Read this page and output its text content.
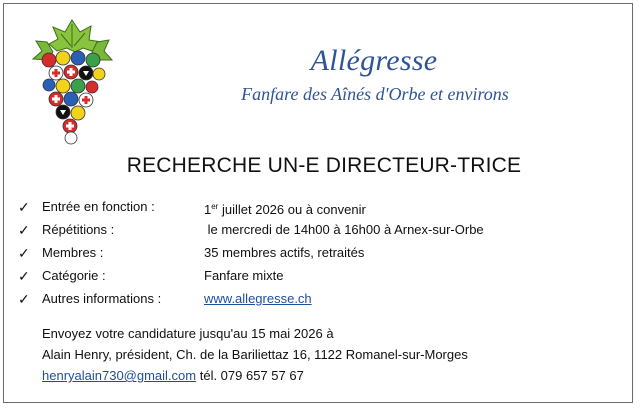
Allégresse
Fanfare des Aînés d'Orbe et environs
RECHERCHE UN-E DIRECTEUR-TRICE
✓ Entrée en fonction :	1er juillet 2026 ou à convenir
✓ Répétitions :	le mercredi de 14h00 à 16h00 à Arnex-sur-Orbe
✓ Membres :	35 membres actifs, retraités
✓ Catégorie :	Fanfare mixte
✓ Autres informations :	www.allegresse.ch
Envoyez votre candidature jusqu'au 15 mai 2026 à
Alain Henry, président, Ch. de la Bariliettaz 16, 1122 Romanel-sur-Morges
henryalain730@gmail.com tél. 079 657 57 67
